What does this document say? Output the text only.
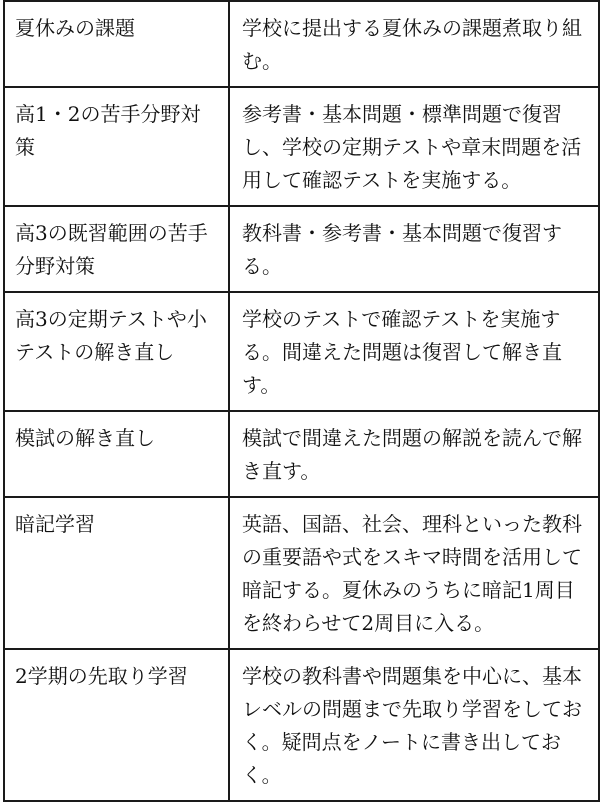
夏休みの課題	学校に提出する夏休みの課題煮取り組む。
高1・2の苦手分野対策	参考書・基本問題・標準問題で復習し、学校の定期テストや章末問題を活用して確認テストを実施する。
高3の既習範囲の苦手分野対策	教科書・参考書・基本問題で復習する。
高3の定期テストや小テストの解き直し	学校のテストで確認テストを実施する。間違えた問題は復習して解き直す。
模試の解き直し	模試で間違えた問題の解説を読んで解き直す。
暗記学習	英語、国語、社会、理科といった教科の重要語や式をスキマ時間を活用して暗記する。夏休みのうちに暗記1周目を終わらせて2周目に入る。
2学期の先取り学習	学校の教科書や問題集を中心に、基本レベルの問題まで先取り学習をしておく。疑問点をノートに書き出しておく。
